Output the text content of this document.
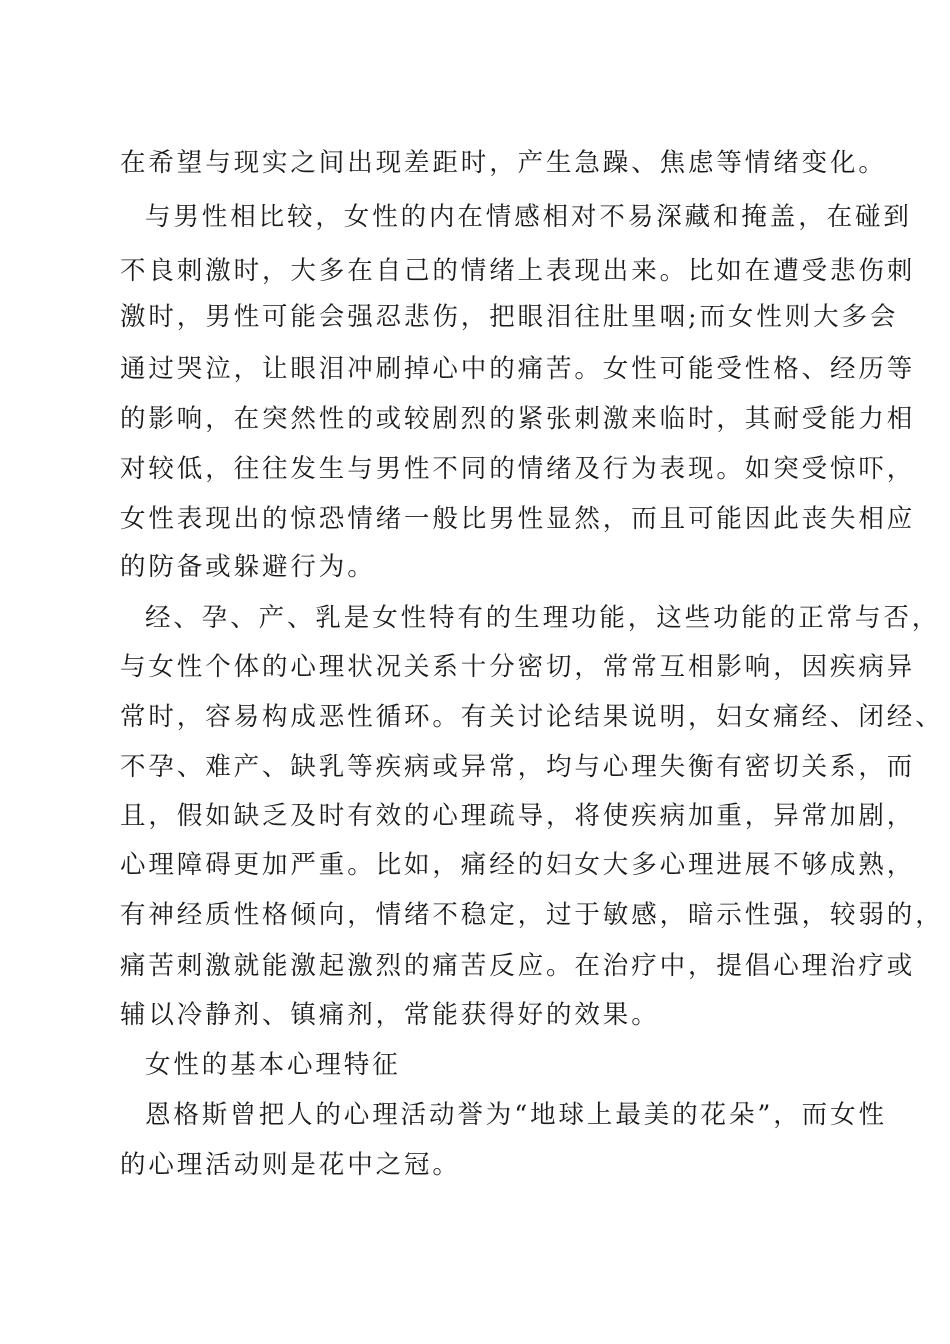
在希望与现实之间出现差距时，产生急躁、焦虑等情绪变化。
与男性相比较，女性的内在情感相对不易深藏和掩盖，在碰到
不良刺激时，大多在自己的情绪上表现出来。比如在遭受悲伤刺
激时，男性可能会强忍悲伤，把眼泪往肚里咽;而女性则大多会
通过哭泣，让眼泪冲刷掉心中的痛苦。女性可能受性格、经历等
的影响，在突然性的或较剧烈的紧张刺激来临时，其耐受能力相
对较低，往往发生与男性不同的情绪及行为表现。如突受惊吓，
女性表现出的惊恐情绪一般比男性显然，而且可能因此丧失相应
的防备或躲避行为。
经、孕、产、乳是女性特有的生理功能，这些功能的正常与否，
与女性个体的心理状况关系十分密切，常常互相影响，因疾病异
常时，容易构成恶性循环。有关讨论结果说明，妇女痛经、闭经、
不孕、难产、缺乳等疾病或异常，均与心理失衡有密切关系，而
且，假如缺乏及时有效的心理疏导，将使疾病加重，异常加剧，
心理障碍更加严重。比如，痛经的妇女大多心理进展不够成熟，
有神经质性格倾向，情绪不稳定，过于敏感，暗示性强，较弱的，
痛苦刺激就能激起激烈的痛苦反应。在治疗中，提倡心理治疗或
辅以冷静剂、镇痛剂，常能获得好的效果。
女性的基本心理特征
恩格斯曾把人的心理活动誉为“地球上最美的花朵”，而女性
的心理活动则是花中之冠。
